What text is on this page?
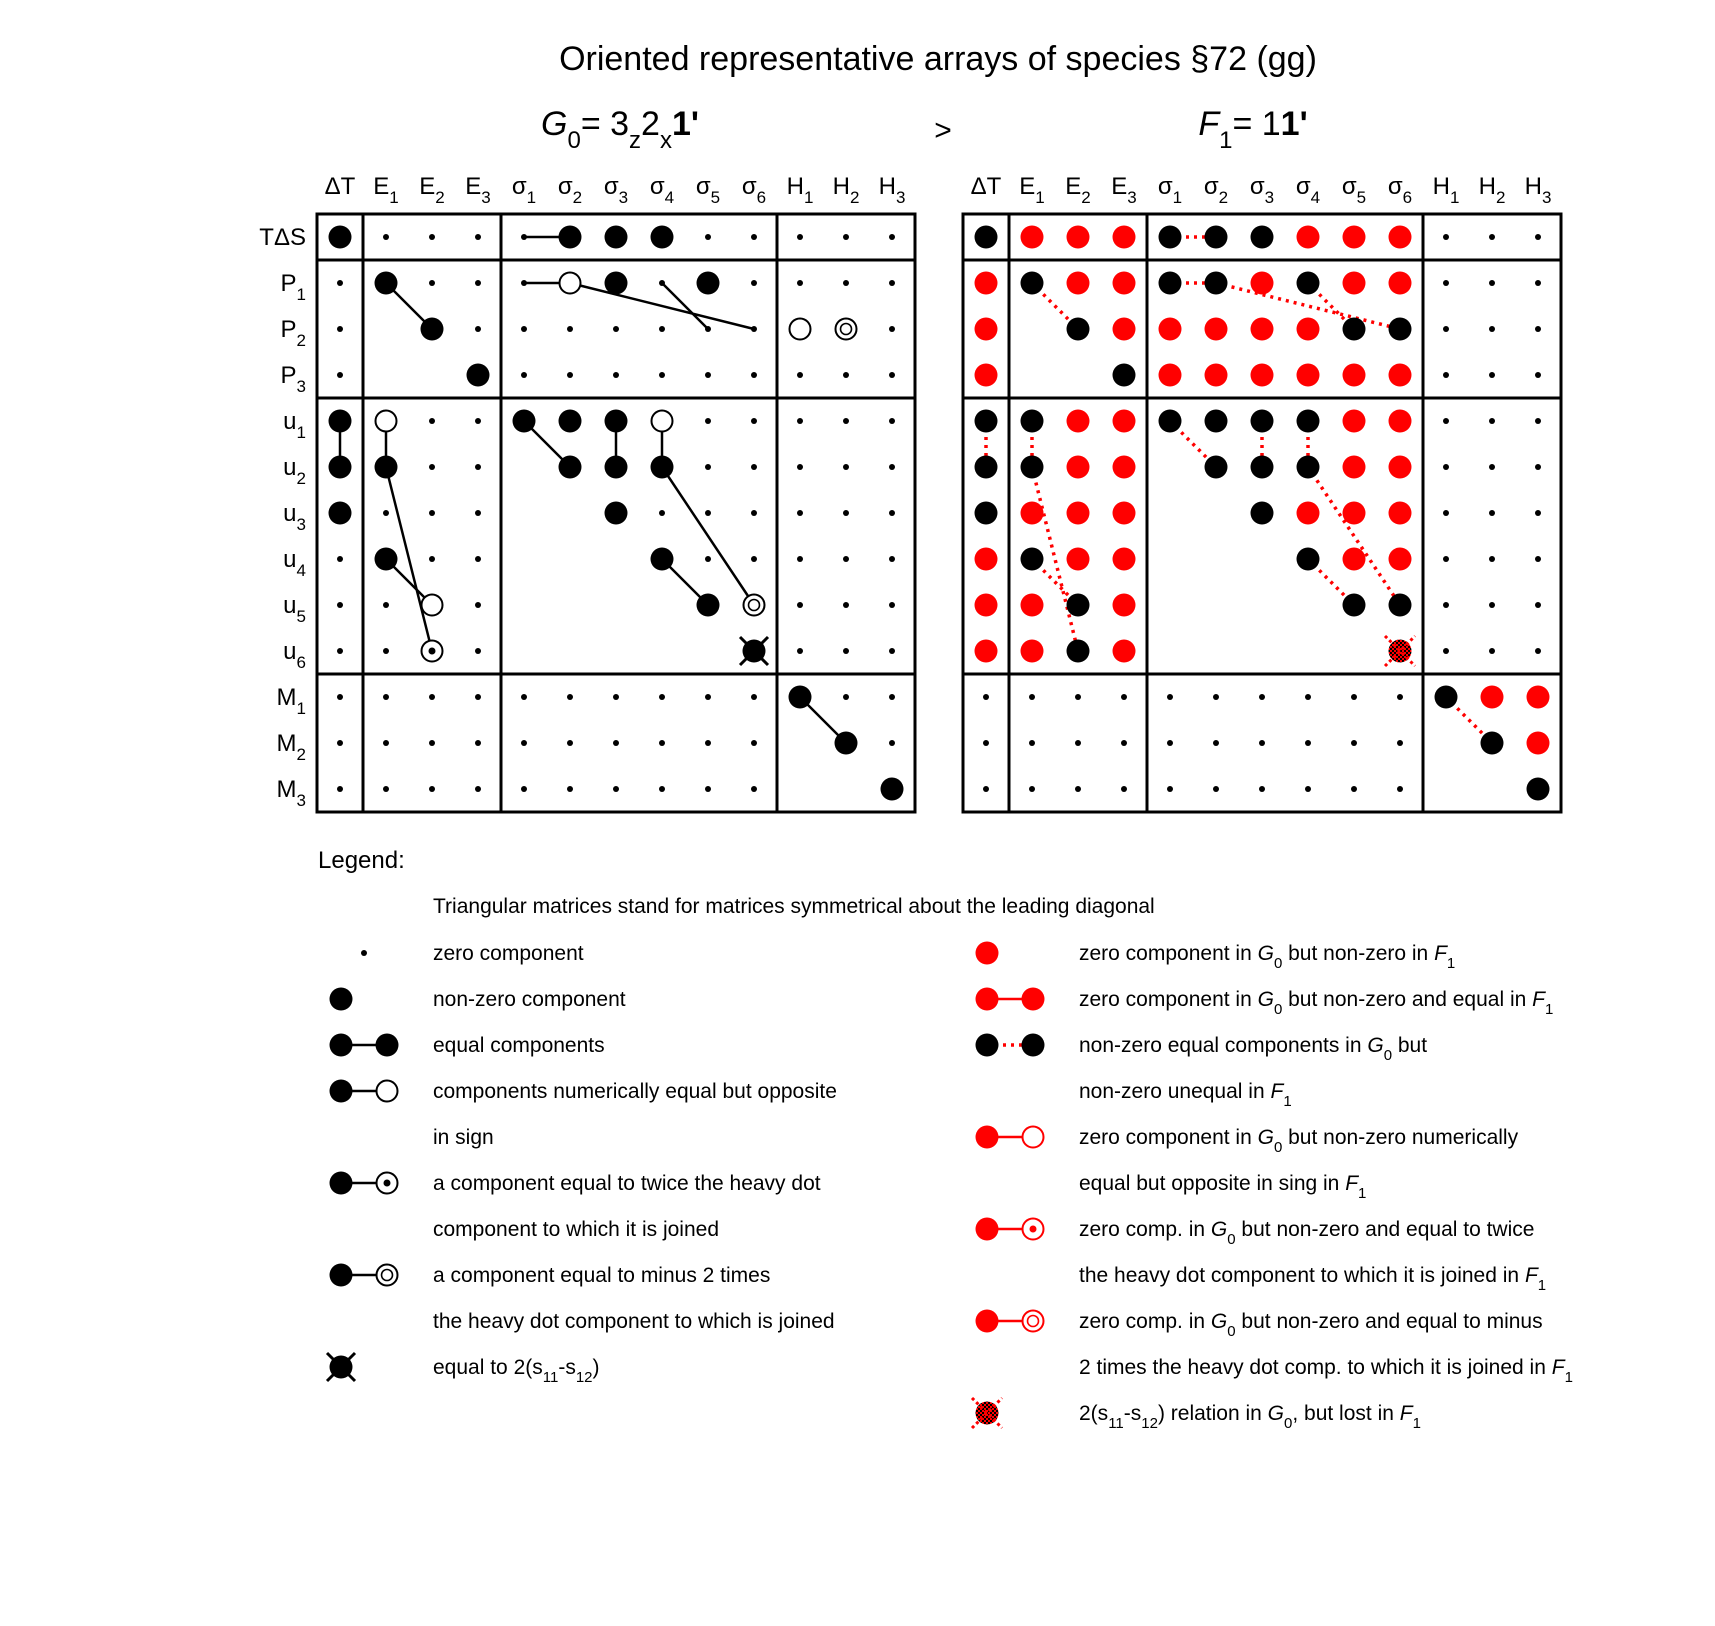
Oriented representative arrays of species §72 (gg)
>
$G_0= 3_z2_x1'$	$F_1= 11'$
ΔT $E_1$ $E_2$ $E_3$ $\sigma_1$ $\sigma_2$ $\sigma_3$ $\sigma_4$ $\sigma_5$ $\sigma_6$ $H_1$ $H_2$ $H_3$
TΔS
$P_1$
$P_2$
$P_3$
$u_1$
$u_2$
$u_3$
$u_4$
$u_5$
$u_6$
$M_1$
$M_2$
$M_3$
ΔT $E_1$ $E_2$ $E_3$ $\sigma_1$ $\sigma_2$ $\sigma_3$ $\sigma_4$ $\sigma_5$ $\sigma_6$ $H_1$ $H_2$ $H_3$
Legend:
Triangular matrices stand for matrices symmetrical about the leading diagonal
zero component
non-zero component
equal components
components numerically equal but opposite
in sign
a component equal to twice the heavy dot
component to which it is joined
a component equal to minus 2 times
the heavy dot component to which is joined
equal to $2(s_{11}-s_{12})$
zero component in $G_0$ but non-zero in $F_1$
zero component in $G_0$ but non-zero and equal in $F_1$
non-zero equal components in $G_0$ but
non-zero unequal in $F_1$
zero component in $G_0$ but non-zero numerically
equal but opposite in sing in $F_1$
zero comp. in $G_0$ but non-zero and equal to twice
the heavy dot component to which it is joined in $F_1$
zero comp. in $G_0$ but non-zero and equal to minus
2 times the heavy dot comp. to which it is joined in $F_1$
$2(s_{11}-s_{12})$ relation in $G_0$, but lost in $F_1$
